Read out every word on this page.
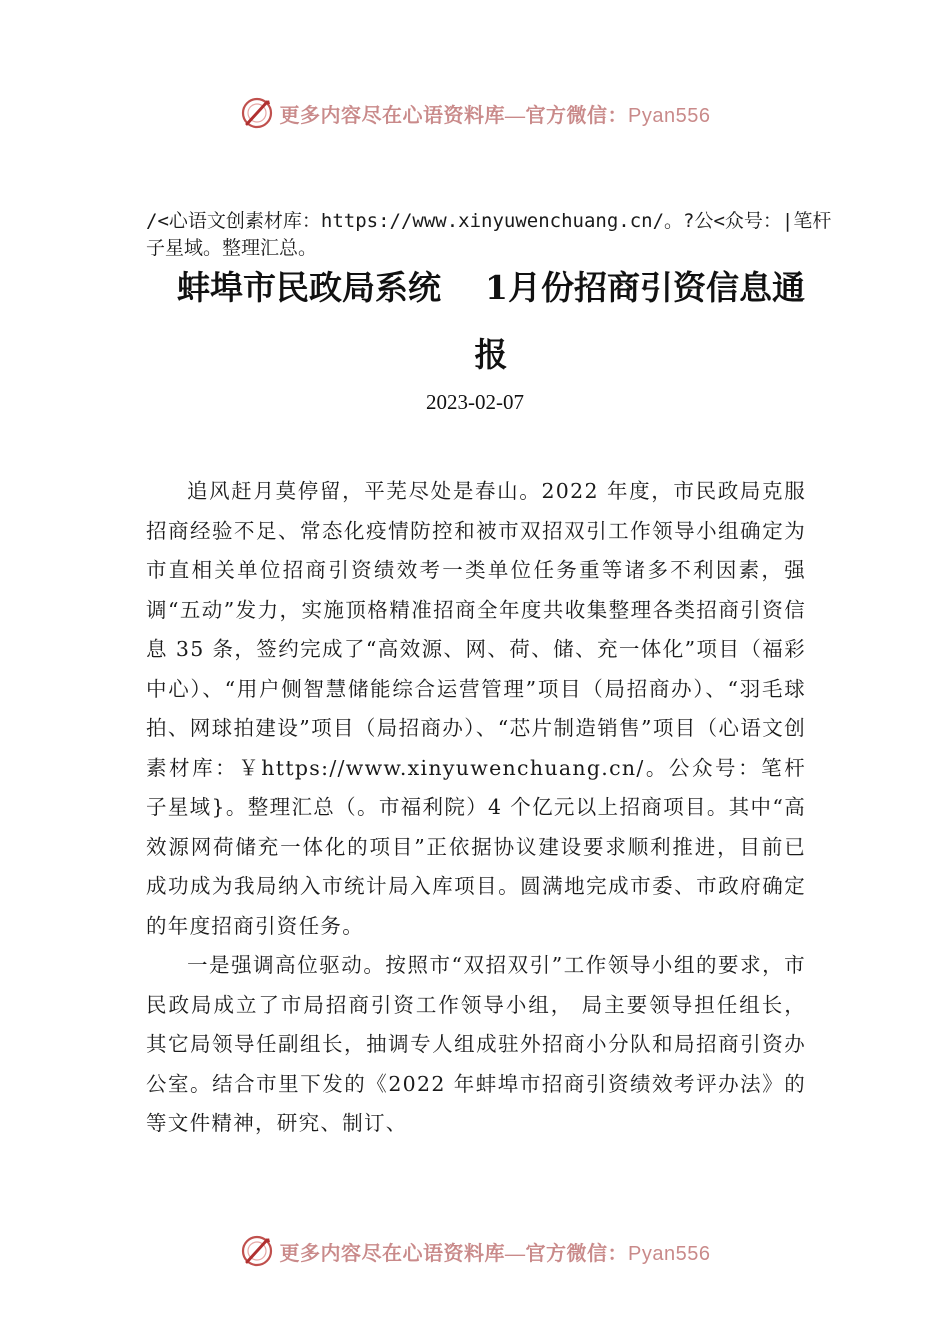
更多内容尽在心语资料库—官方微信：Pyan556
/<心语文创素材库：https://www.xinyuwenchuang.cn/。?公<众号：|笔杆子星域。整理汇总。
蚌埠市民政局系统 1月份招商引资信息通
报
2023-02-07

追风赶月莫停留，平芜尽处是春山。2022 年度，市民政局克服招商经验不足、常态化疫情防控和被市双招双引工作领导小组确定为市直相关单位招商引资绩效考一类单位任务重等诸多不利因素，强调“五动”发力，实施顶格精准招商全年度共收集整理各类招商引资信息 35 条，签约完成了“高效源、网、荷、储、充一体化”项目（福彩中心）、“用户侧智慧储能综合运营管理”项目（局招商办）、“羽毛球拍、网球拍建设”项目（局招商办）、“芯片制造销售”项目（心语文创素材库：￥https://www.xinyuwenchuang.cn/。公众号：笔杆子星域}。整理汇总（。市福利院）4 个亿元以上招商项目。其中“高效源网荷储充一体化的项目”正依据协议建设要求顺利推进，目前已成功成为我局纳入市统计局入库项目。圆满地完成市委、市政府确定的年度招商引资任务。

一是强调高位驱动。按照市“双招双引”工作领导小组的要求，市民政局成立了市局招商引资工作领导小组， 局主要领导担任组长，其它局领导任副组长，抽调专人组成驻外招商小分队和局招商引资办公室。结合市里下发的《2022 年蚌埠市招商引资绩效考评办法》的等文件精神，研究、制订、

更多内容尽在心语资料库—官方微信：Pyan556
